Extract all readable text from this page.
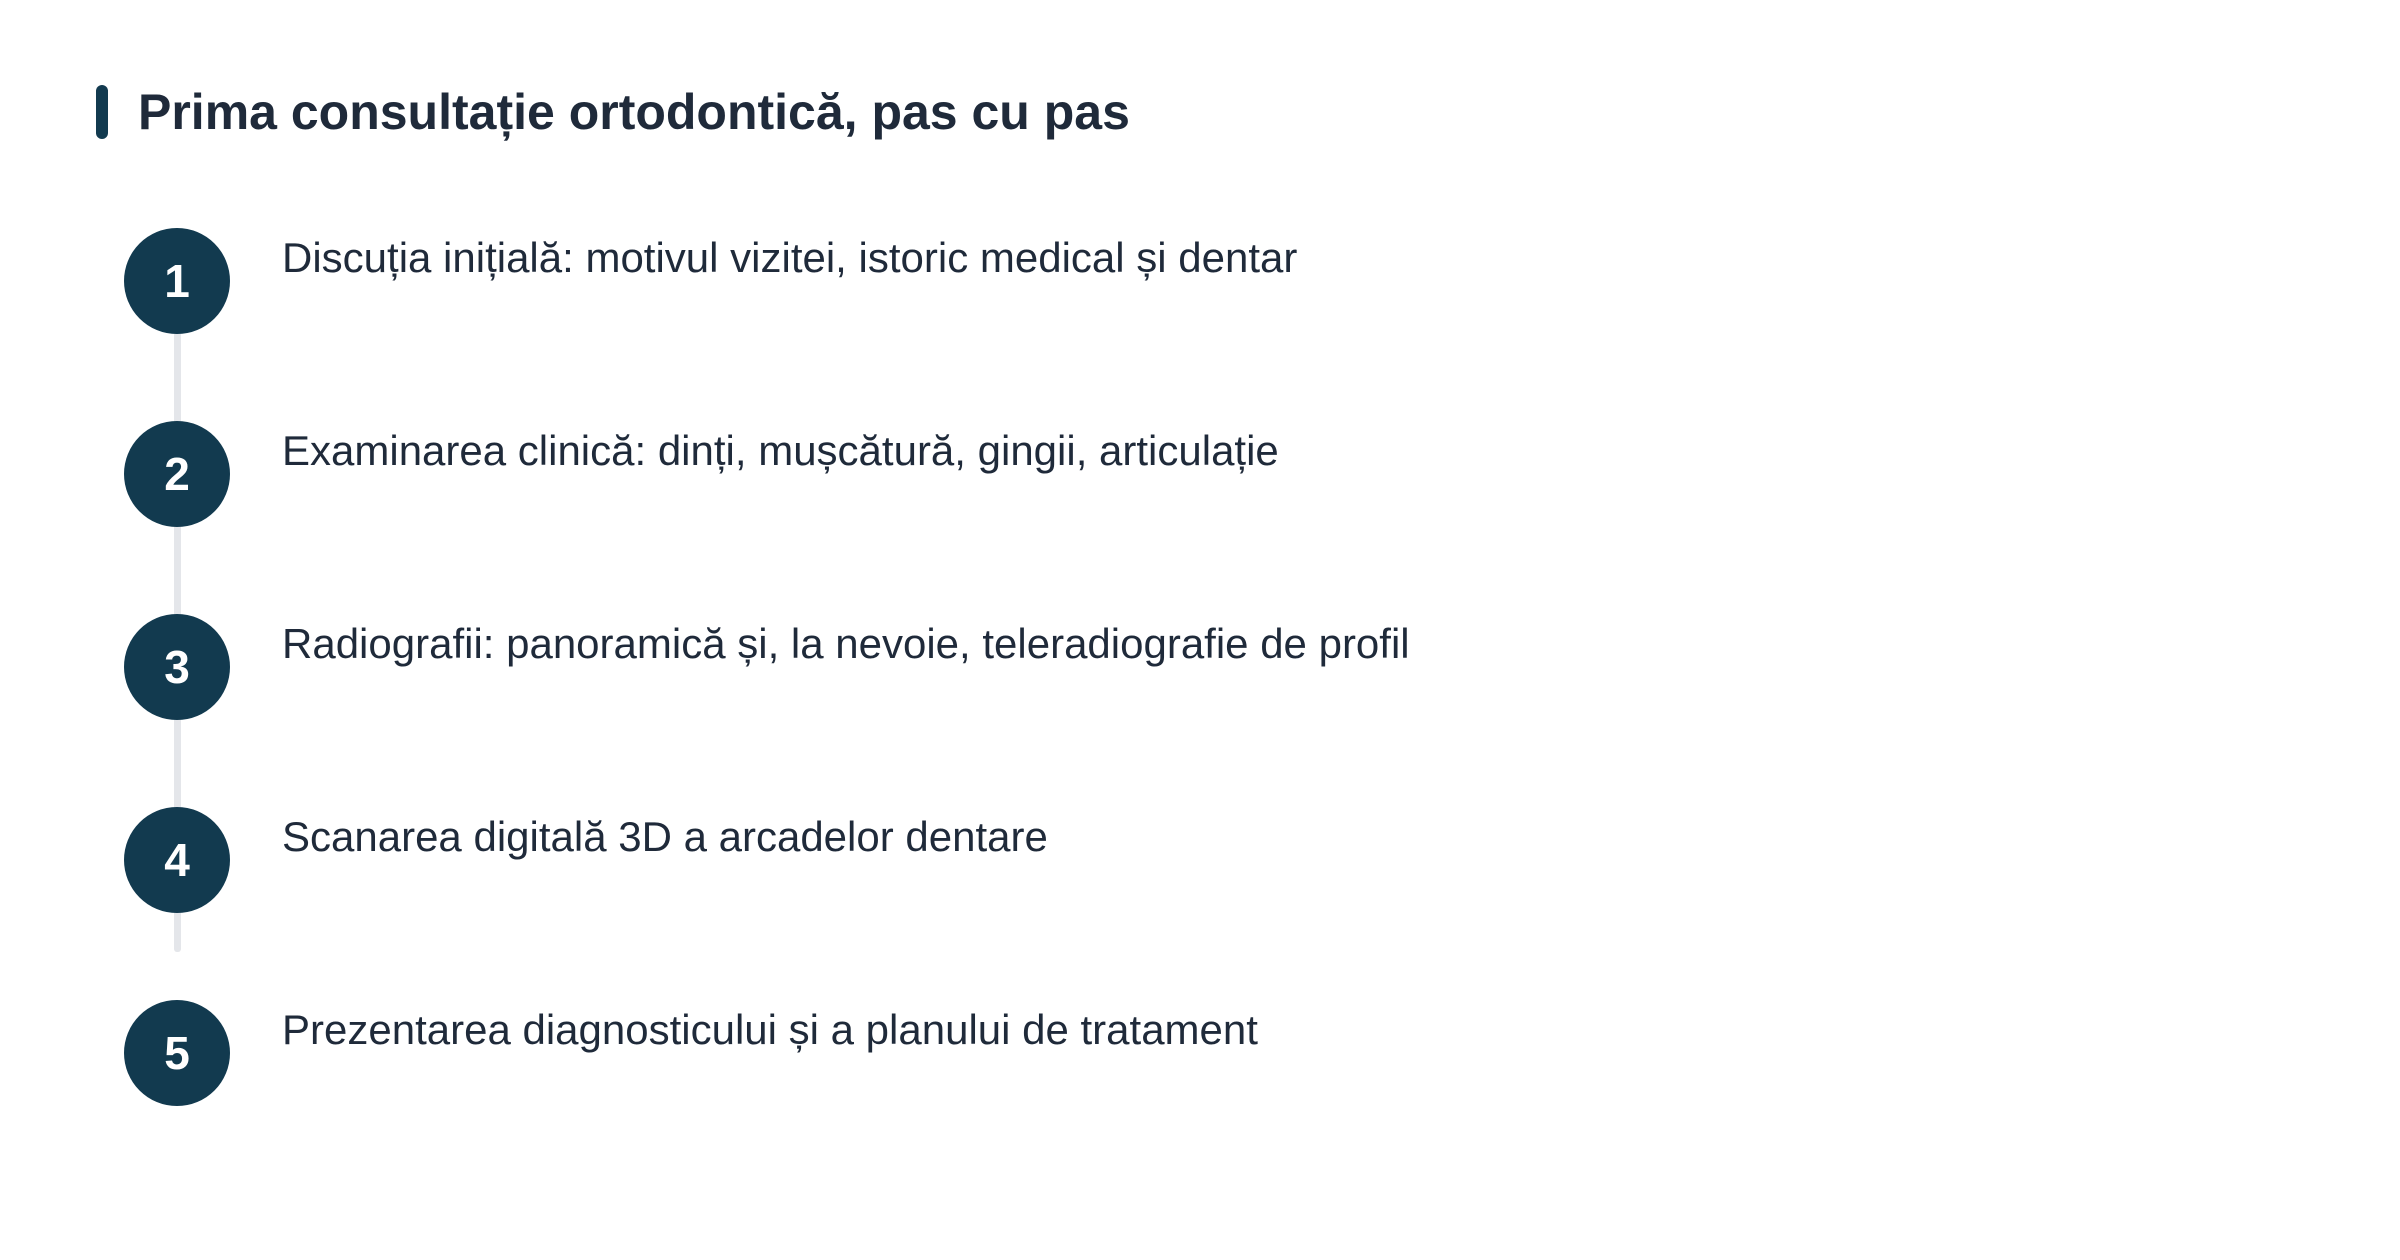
Prima consultație ortodontică, pas cu pas
1	Discuția inițială: motivul vizitei, istoric medical și dentar
2	Examinarea clinică: dinți, mușcătură, gingii, articulație
3	Radiografii: panoramică și, la nevoie, teleradiografie de profil
4	Scanarea digitală 3D a arcadelor dentare
5	Prezentarea diagnosticului și a planului de tratament
